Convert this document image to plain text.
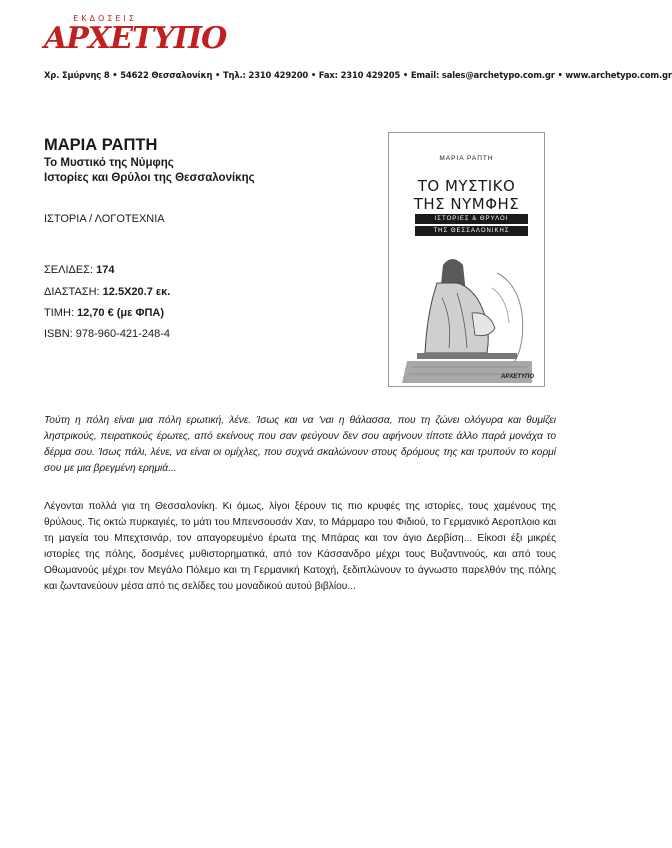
ΕΚΔΟΣΕΙΣ
ΑΡΧΕΤΥΠΟ
Χρ. Σμύρνης 8 • 54622 Θεσσαλονίκη • Τηλ.: 2310 429200 • Fax: 2310 429205 • Email: sales@archetypo.com.gr • www.archetypo.com.gr
ΜΑΡΙΑ ΡΑΠΤΗ
Το Μυστικό της Νύμφης
Ιστορίες και Θρύλοι της Θεσσαλονίκης
ΙΣΤΟΡΙΑ / ΛΟΓΟΤΕΧΝΙΑ
ΣΕΛΙΔΕΣ: 174
ΔΙΑΣΤΑΣΗ: 12.5Χ20.7 εκ.
ΤΙΜΗ: 12,70 € (με ΦΠΑ)
ISBN: 978-960-421-248-4
ΜΑΡΙΑ ΡΑΠΤΗ
ΤΟ ΜΥΣΤΙΚΟ
ΤΗΣ ΝΥΜΦΗΣ
ΙΣΤΟΡΙΕΣ & ΘΡΥΛΟΙ
ΤΗΣ ΘΕΣΣΑΛΟΝΙΚΗΣ
ΑΡΧΕΤΥΠΟ
Τούτη η πόλη είναι μια πόλη ερωτική, λένε. Ίσως και να 'ναι η θάλασσα, που τη ζώνει ολόγυρα και θυμίζει ληστρικούς, πειρατικούς έρωτες, από εκείνους που σαν φεύγουν δεν σου αφήνουν τίποτε άλλο παρά μονάχα το δέρμα σου. Ίσως πάλι, λένε, να είναι οι ομίχλες, που συχνά σκαλώνουν στους δρόμους της και τρυπούν το κορμί σου με μια βρεγμένη ερημιά...
Λέγονται πολλά για τη Θεσσαλονίκη. Κι όμως, λίγοι ξέρουν τις πιο κρυφές της ιστορίες, τους χαμένους της θρύλους. Τις οκτώ πυρκαγιές, το μάτι του Μπενσουσάν Χαν, το Μάρμαρο του Φιδιού, το Γερμανικό Αεροπλοιο και τη μαγεία του Μπεχτσινάρ, τον απαγορευμένο έρωτα της Μπάρας και τον άγιο Δερβίση... Είκοσι έξι μικρές ιστορίες της πόλης, δοσμένες μυθιστορηματικά, από τον Κάσσανδρο μέχρι τους Βυζαντινούς, και από τους Οθωμανούς μέχρι τον Μεγάλο Πόλεμο και τη Γερμανική Κατοχή, ξεδιπλώνουν το άγνωστο παρελθόν της πόλης και ζωντανεύουν μέσα από τις σελίδες του μοναδικού αυτού βιβλίου...
